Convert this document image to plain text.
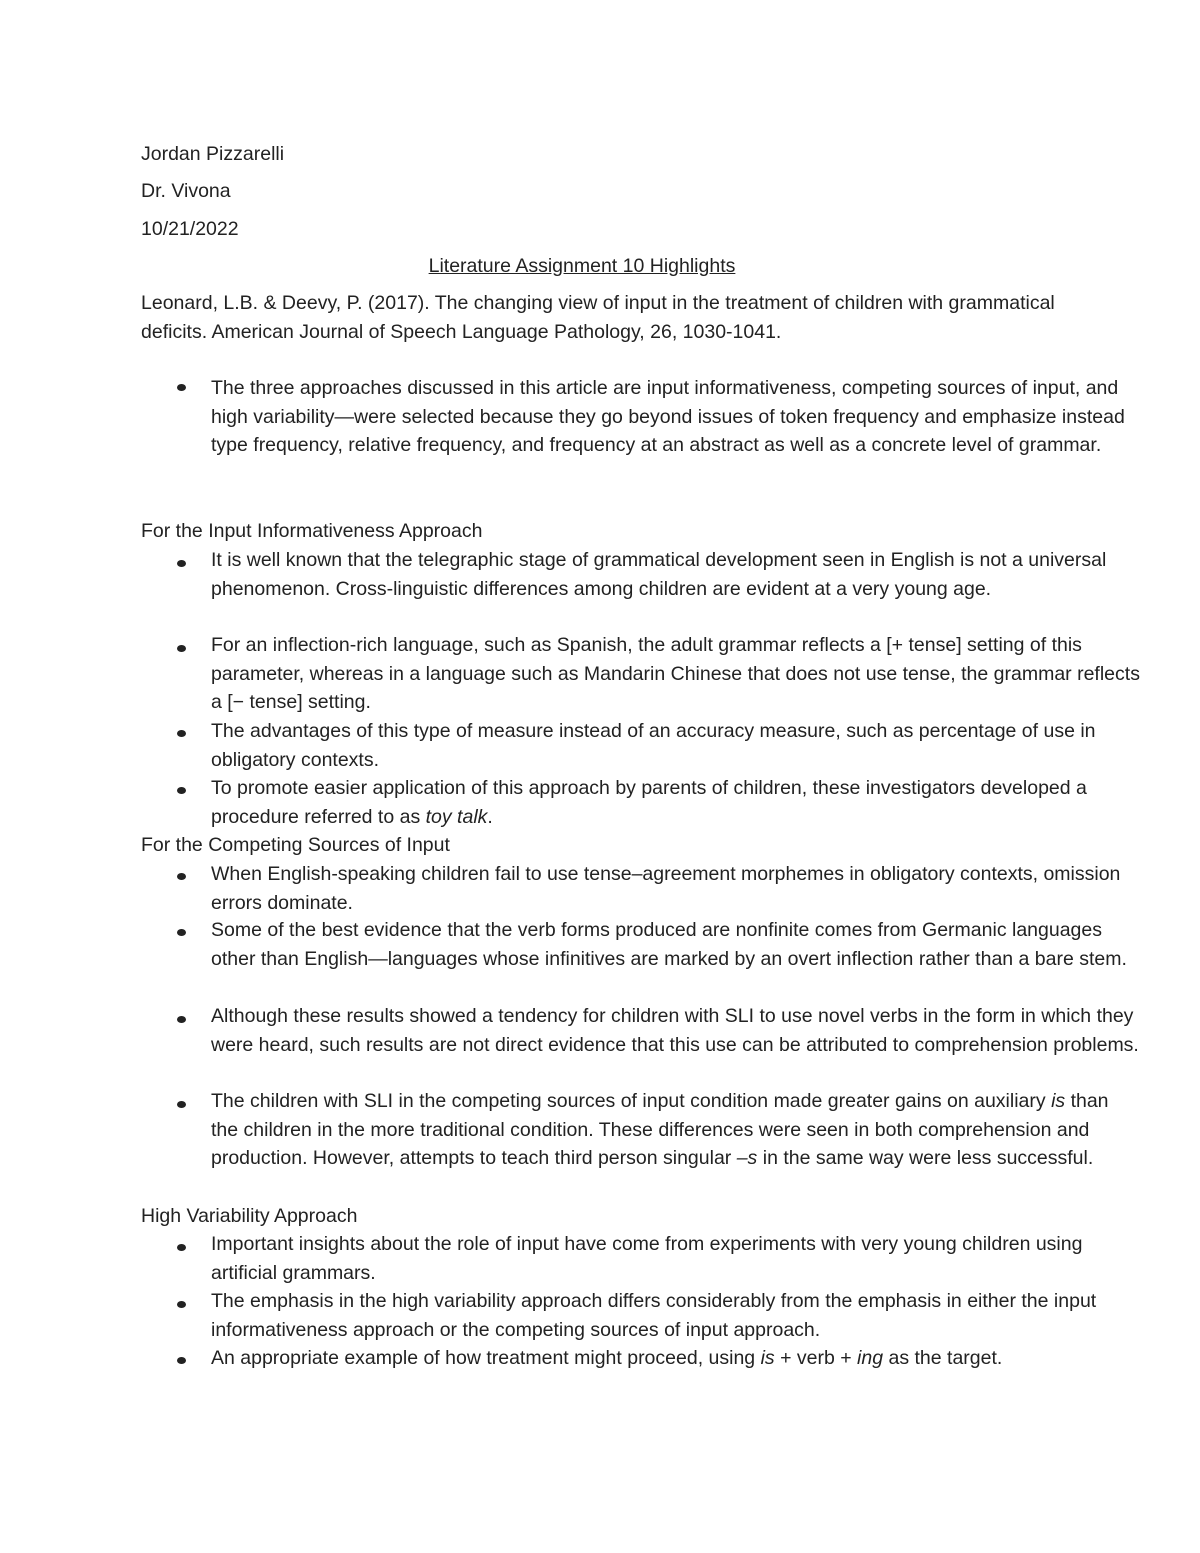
Jordan Pizzarelli
Dr. Vivona
10/21/2022
Literature Assignment 10 Highlights
Leonard, L.B. & Deevy, P. (2017). The changing view of input in the treatment of children with grammatical deficits. American Journal of Speech Language Pathology, 26, 1030-1041.
The three approaches discussed in this article are input informativeness, competing sources of input, and high variability—were selected because they go beyond issues of token frequency and emphasize instead type frequency, relative frequency, and frequency at an abstract as well as a concrete level of grammar.
For the Input Informativeness Approach
It is well known that the telegraphic stage of grammatical development seen in English is not a universal phenomenon. Cross-linguistic differences among children are evident at a very young age.
For an inflection-rich language, such as Spanish, the adult grammar reflects a [+ tense] setting of this parameter, whereas in a language such as Mandarin Chinese that does not use tense, the grammar reflects a [− tense] setting.
The advantages of this type of measure instead of an accuracy measure, such as percentage of use in obligatory contexts.
To promote easier application of this approach by parents of children, these investigators developed a procedure referred to as toy talk.
For the Competing Sources of Input
When English-speaking children fail to use tense–agreement morphemes in obligatory contexts, omission errors dominate.
Some of the best evidence that the verb forms produced are nonfinite comes from Germanic languages other than English—languages whose infinitives are marked by an overt inflection rather than a bare stem.
Although these results showed a tendency for children with SLI to use novel verbs in the form in which they were heard, such results are not direct evidence that this use can be attributed to comprehension problems.
The children with SLI in the competing sources of input condition made greater gains on auxiliary is than the children in the more traditional condition. These differences were seen in both comprehension and production. However, attempts to teach third person singular –s in the same way were less successful.
High Variability Approach
Important insights about the role of input have come from experiments with very young children using artificial grammars.
The emphasis in the high variability approach differs considerably from the emphasis in either the input informativeness approach or the competing sources of input approach.
An appropriate example of how treatment might proceed, using is + verb + ing as the target.
